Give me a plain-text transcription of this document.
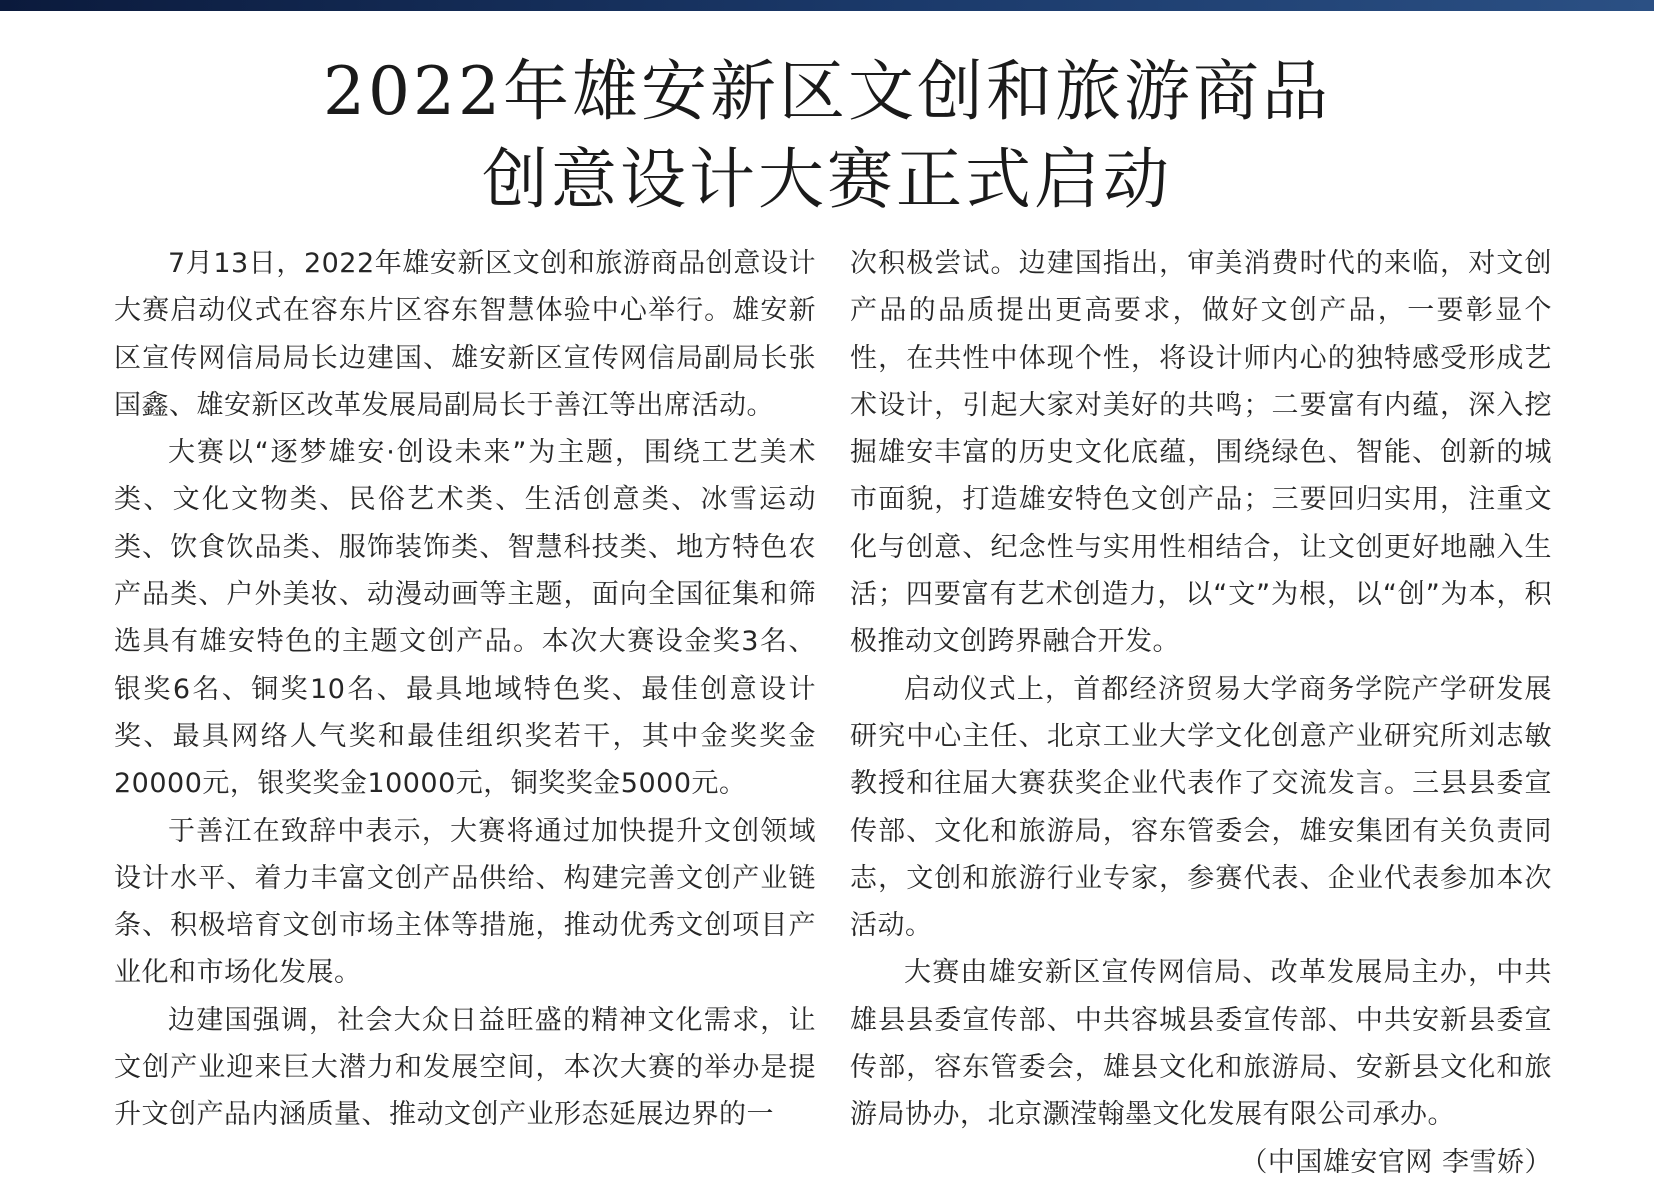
2022年雄安新区文创和旅游商品
创意设计大赛正式启动

7月13日，2022年雄安新区文创和旅游商品创意设计大赛启动仪式在容东片区容东智慧体验中心举行。雄安新区宣传网信局局长边建国、雄安新区宣传网信局副局长张国鑫、雄安新区改革发展局副局长于善江等出席活动。

大赛以“逐梦雄安·创设未来”为主题，围绕工艺美术类、文化文物类、民俗艺术类、生活创意类、冰雪运动类、饮食饮品类、服饰装饰类、智慧科技类、地方特色农产品类、户外美妆、动漫动画等主题，面向全国征集和筛选具有雄安特色的主题文创产品。本次大赛设金奖3名、银奖6名、铜奖10名、最具地域特色奖、最佳创意设计奖、最具网络人气奖和最佳组织奖若干，其中金奖奖金20000元，银奖奖金10000元，铜奖奖金5000元。

于善江在致辞中表示，大赛将通过加快提升文创领域设计水平、着力丰富文创产品供给、构建完善文创产业链条、积极培育文创市场主体等措施，推动优秀文创项目产业化和市场化发展。

边建国强调，社会大众日益旺盛的精神文化需求，让文创产业迎来巨大潜力和发展空间，本次大赛的举办是提升文创产品内涵质量、推动文创产业形态延展边界的一

次积极尝试。边建国指出，审美消费时代的来临，对文创产品的品质提出更高要求，做好文创产品，一要彰显个性，在共性中体现个性，将设计师内心的独特感受形成艺术设计，引起大家对美好的共鸣；二要富有内蕴，深入挖掘雄安丰富的历史文化底蕴，围绕绿色、智能、创新的城市面貌，打造雄安特色文创产品；三要回归实用，注重文化与创意、纪念性与实用性相结合，让文创更好地融入生活；四要富有艺术创造力，以“文”为根，以“创”为本，积极推动文创跨界融合开发。

启动仪式上，首都经济贸易大学商务学院产学研发展研究中心主任、北京工业大学文化创意产业研究所刘志敏教授和往届大赛获奖企业代表作了交流发言。三县县委宣传部、文化和旅游局，容东管委会，雄安集团有关负责同志，文创和旅游行业专家，参赛代表、企业代表参加本次活动。

大赛由雄安新区宣传网信局、改革发展局主办，中共雄县县委宣传部、中共容城县委宣传部、中共安新县委宣传部，容东管委会，雄县文化和旅游局、安新县文化和旅游局协办，北京灏滢翰墨文化发展有限公司承办。

（中国雄安官网 李雪娇）
